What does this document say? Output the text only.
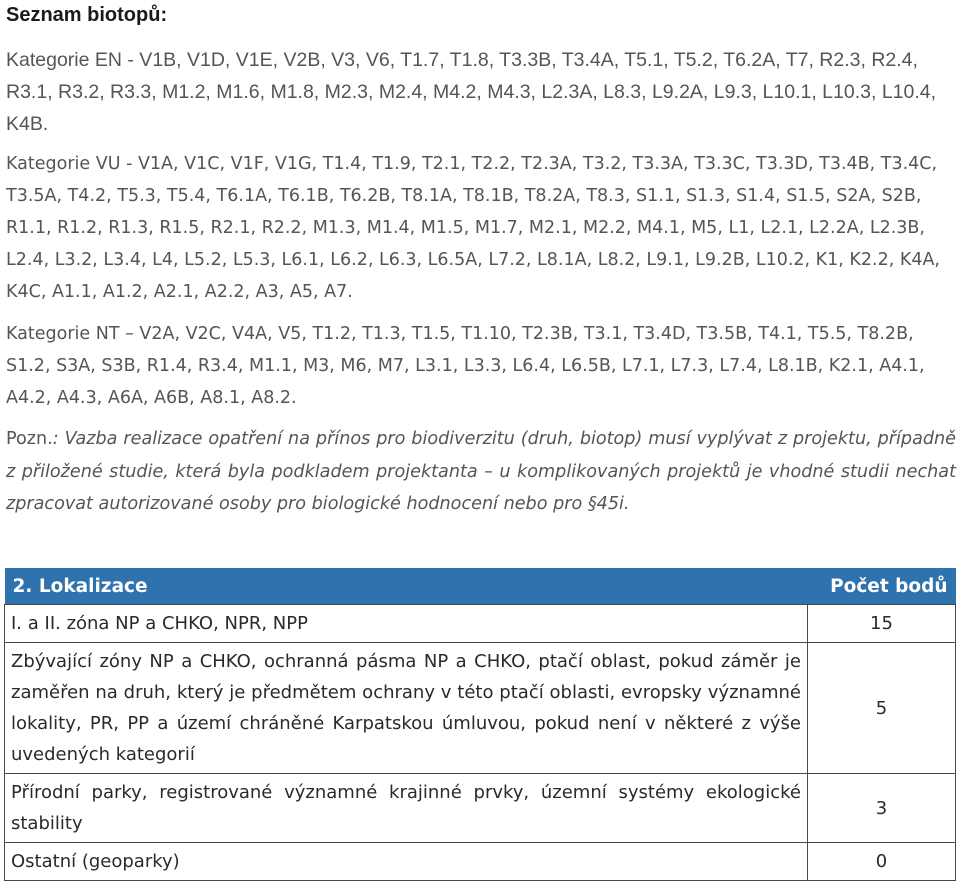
Seznam biotopů:

Kategorie EN - V1B, V1D, V1E, V2B, V3, V6, T1.7, T1.8, T3.3B, T3.4A, T5.1, T5.2, T6.2A, T7, R2.3, R2.4, R3.1, R3.2, R3.3, M1.2, M1.6, M1.8, M2.3, M2.4, M4.2, M4.3, L2.3A, L8.3, L9.2A, L9.3, L10.1, L10.3, L10.4, K4B.

Kategorie VU - V1A, V1C, V1F, V1G, T1.4, T1.9, T2.1, T2.2, T2.3A, T3.2, T3.3A, T3.3C, T3.3D, T3.4B, T3.4C, T3.5A, T4.2, T5.3, T5.4, T6.1A, T6.1B, T6.2B, T8.1A, T8.1B, T8.2A, T8.3, S1.1, S1.3, S1.4, S1.5, S2A, S2B, R1.1, R1.2, R1.3, R1.5, R2.1, R2.2, M1.3, M1.4, M1.5, M1.7, M2.1, M2.2, M4.1, M5, L1, L2.1, L2.2A, L2.3B, L2.4, L3.2, L3.4, L4, L5.2, L5.3, L6.1, L6.2, L6.3, L6.5A, L7.2, L8.1A, L8.2, L9.1, L9.2B, L10.2, K1, K2.2, K4A, K4C, A1.1, A1.2, A2.1, A2.2, A3, A5, A7.

Kategorie NT – V2A, V2C, V4A, V5, T1.2, T1.3, T1.5, T1.10, T2.3B, T3.1, T3.4D, T3.5B, T4.1, T5.5, T8.2B, S1.2, S3A, S3B, R1.4, R3.4, M1.1, M3, M6, M7, L3.1, L3.3, L6.4, L6.5B, L7.1, L7.3, L7.4, L8.1B, K2.1, A4.1, A4.2, A4.3, A6A, A6B, A8.1, A8.2.

Pozn.: Vazba realizace opatření na přínos pro biodiverzitu (druh, biotop) musí vyplývat z projektu, případně z přiložené studie, která byla podkladem projektanta – u komplikovaných projektů je vhodné studii nechat zpracovat autorizované osoby pro biologické hodnocení nebo pro §45i.

2. Lokalizace	Počet bodů
I. a II. zóna NP a CHKO, NPR, NPP	15
Zbývající zóny NP a CHKO, ochranná pásma NP a CHKO, ptačí oblast, pokud záměr je zaměřen na druh, který je předmětem ochrany v této ptačí oblasti, evropsky významné lokality, PR, PP a území chráněné Karpatskou úmluvou, pokud není v některé z výše uvedených kategorií	5
Přírodní parky, registrované významné krajinné prvky, územní systémy ekologické stability	3
Ostatní (geoparky)	0
